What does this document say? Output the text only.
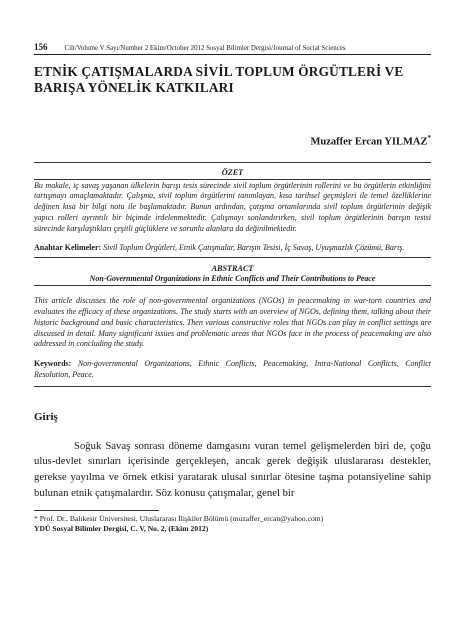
156 Cilt/Volume V Sayı/Number 2 Ekim/October 2012 Sosyal Bilimler Dergisi/Journal of Social Sciences
ETNİK ÇATIŞMALARDA SİVİL TOPLUM ÖRGÜTLERİ VE
BARIŞA YÖNELİK KATKILARI
Muzaffer Ercan YILMAZ*
ÖZET
Bu makale, iç savaş yaşanan ülkelerin barışı tesis sürecinde sivil toplum örgütlerinin rollerini ve bu örgütlerin etkinliğini tartışmayı amaçlamaktadır. Çalışma, sivil toplum örgütlerini tanımlayan, kısa tarihsel geçmişleri ile temel özelliklerine değinen kısa bir bilgi notu ile başlamaktadır. Bunun ardından, çatışma ortamlarında sivil toplum örgütlerinin değişik yapıcı rolleri ayrıntılı bir biçimde irdelenmektedir. Çalışmayı sonlandırırken, sivil toplum örgütlerinin barışın tesisi sürecinde karşılaştıkları çeşitli güçlüklere ve sorunlu alanlara da değinilmektedir.
Anahtar Kelimeler: Sivil Toplum Örgütleri, Etnik Çatışmalar, Barışın Tesisi, İç Savaş, Uyuşmazlık Çözümü, Barış.
ABSTRACT
Non-Governmental Organizations in Ethnic Conflicts and Their Contributions to Peace
This article discusses the role of non-governmental organizations (NGOs) in peacemaking in war-torn countries and evaluates the efficacy of these organizations. The study starts with an overview of NGOs, defining them, talking about their historic background and basic characteristics. Then various constructive roles that NGOs can play in conflict settings are discussed in detail. Many significant issues and problematic areas that NGOs face in the process of peacemaking are also addressed in concluding the study.
Keywords: Non-governmental Organizations, Ethnic Conflicts, Peacemaking, Intra-National Conflicts, Conflict Resolution, Peace.
Giriş
Soğuk Savaş sonrası döneme damgasını vuran temel gelişmelerden biri de, çoğu ulus-devlet sınırları içerisinde gerçekleşen, ancak gerek değişik uluslararası destekler, gerekse yayılma ve örnek etkisi yaratarak ulusal sınırlar ötesine taşma potansiyeline sahip bulunan etnik çatışmalardır. Söz konusu çatışmalar, genel bir
* Prof. Dr., Balıkesir Üniversitesi, Uluslararası İlişkiler Bölümü (muzaffer_ercan@yahoo.com)
YDÜ Sosyal Bilimler Dergisi, C. V, No. 2, (Ekim 2012)
